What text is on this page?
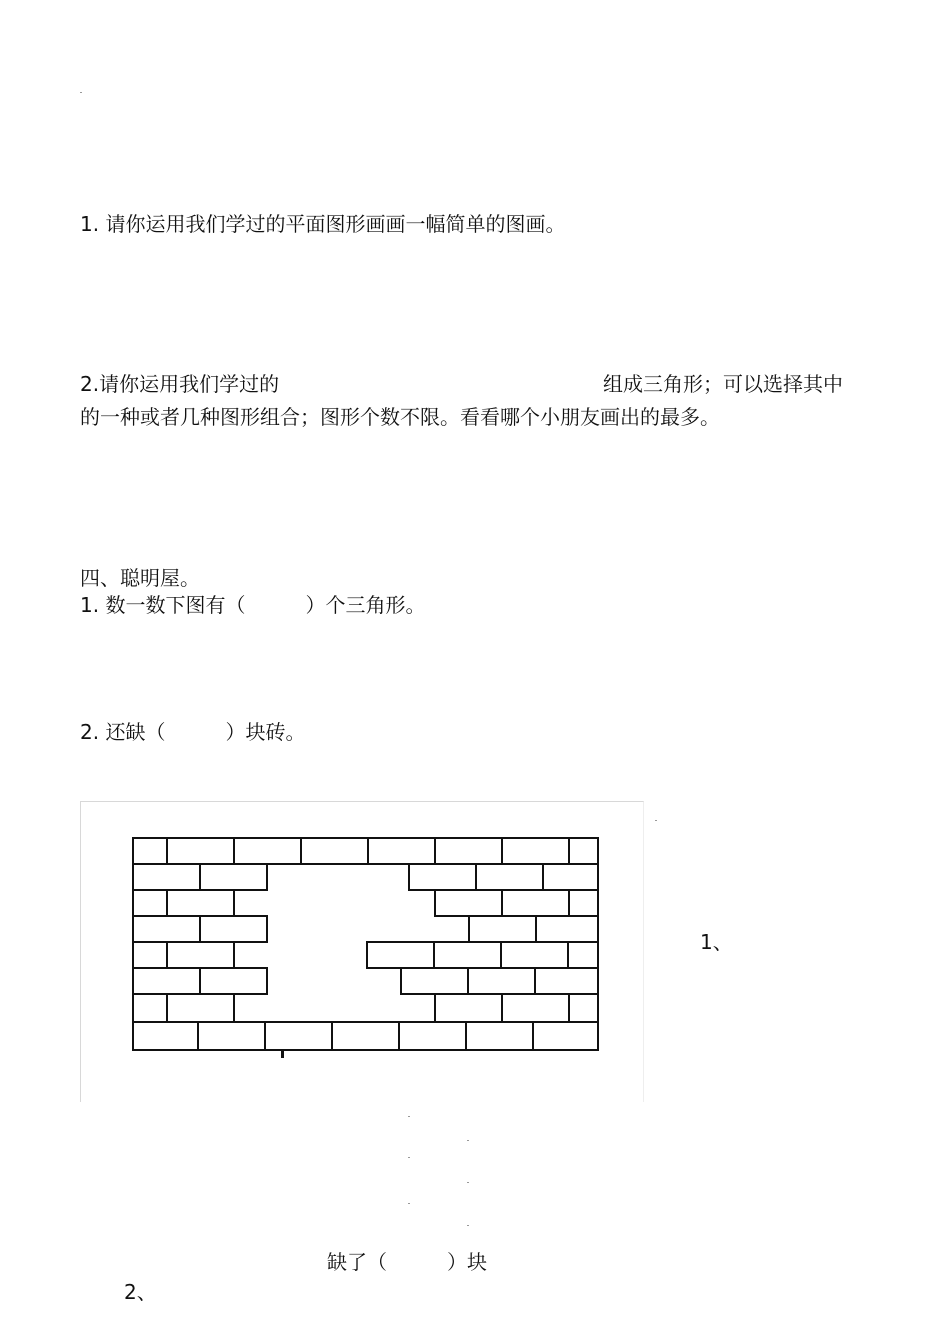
1. 请你运用我们学过的平面图形画画一幅简单的图画。
2.请你运用我们学过的	组成三角形；可以选择其中
的一种或者几种图形组合；图形个数不限。看看哪个小朋友画出的最多。
四、聪明屋。
1. 数一数下图有（　　　）个三角形。
2. 还缺（　　　）块砖。
1、
缺了（　　　）块
2、
